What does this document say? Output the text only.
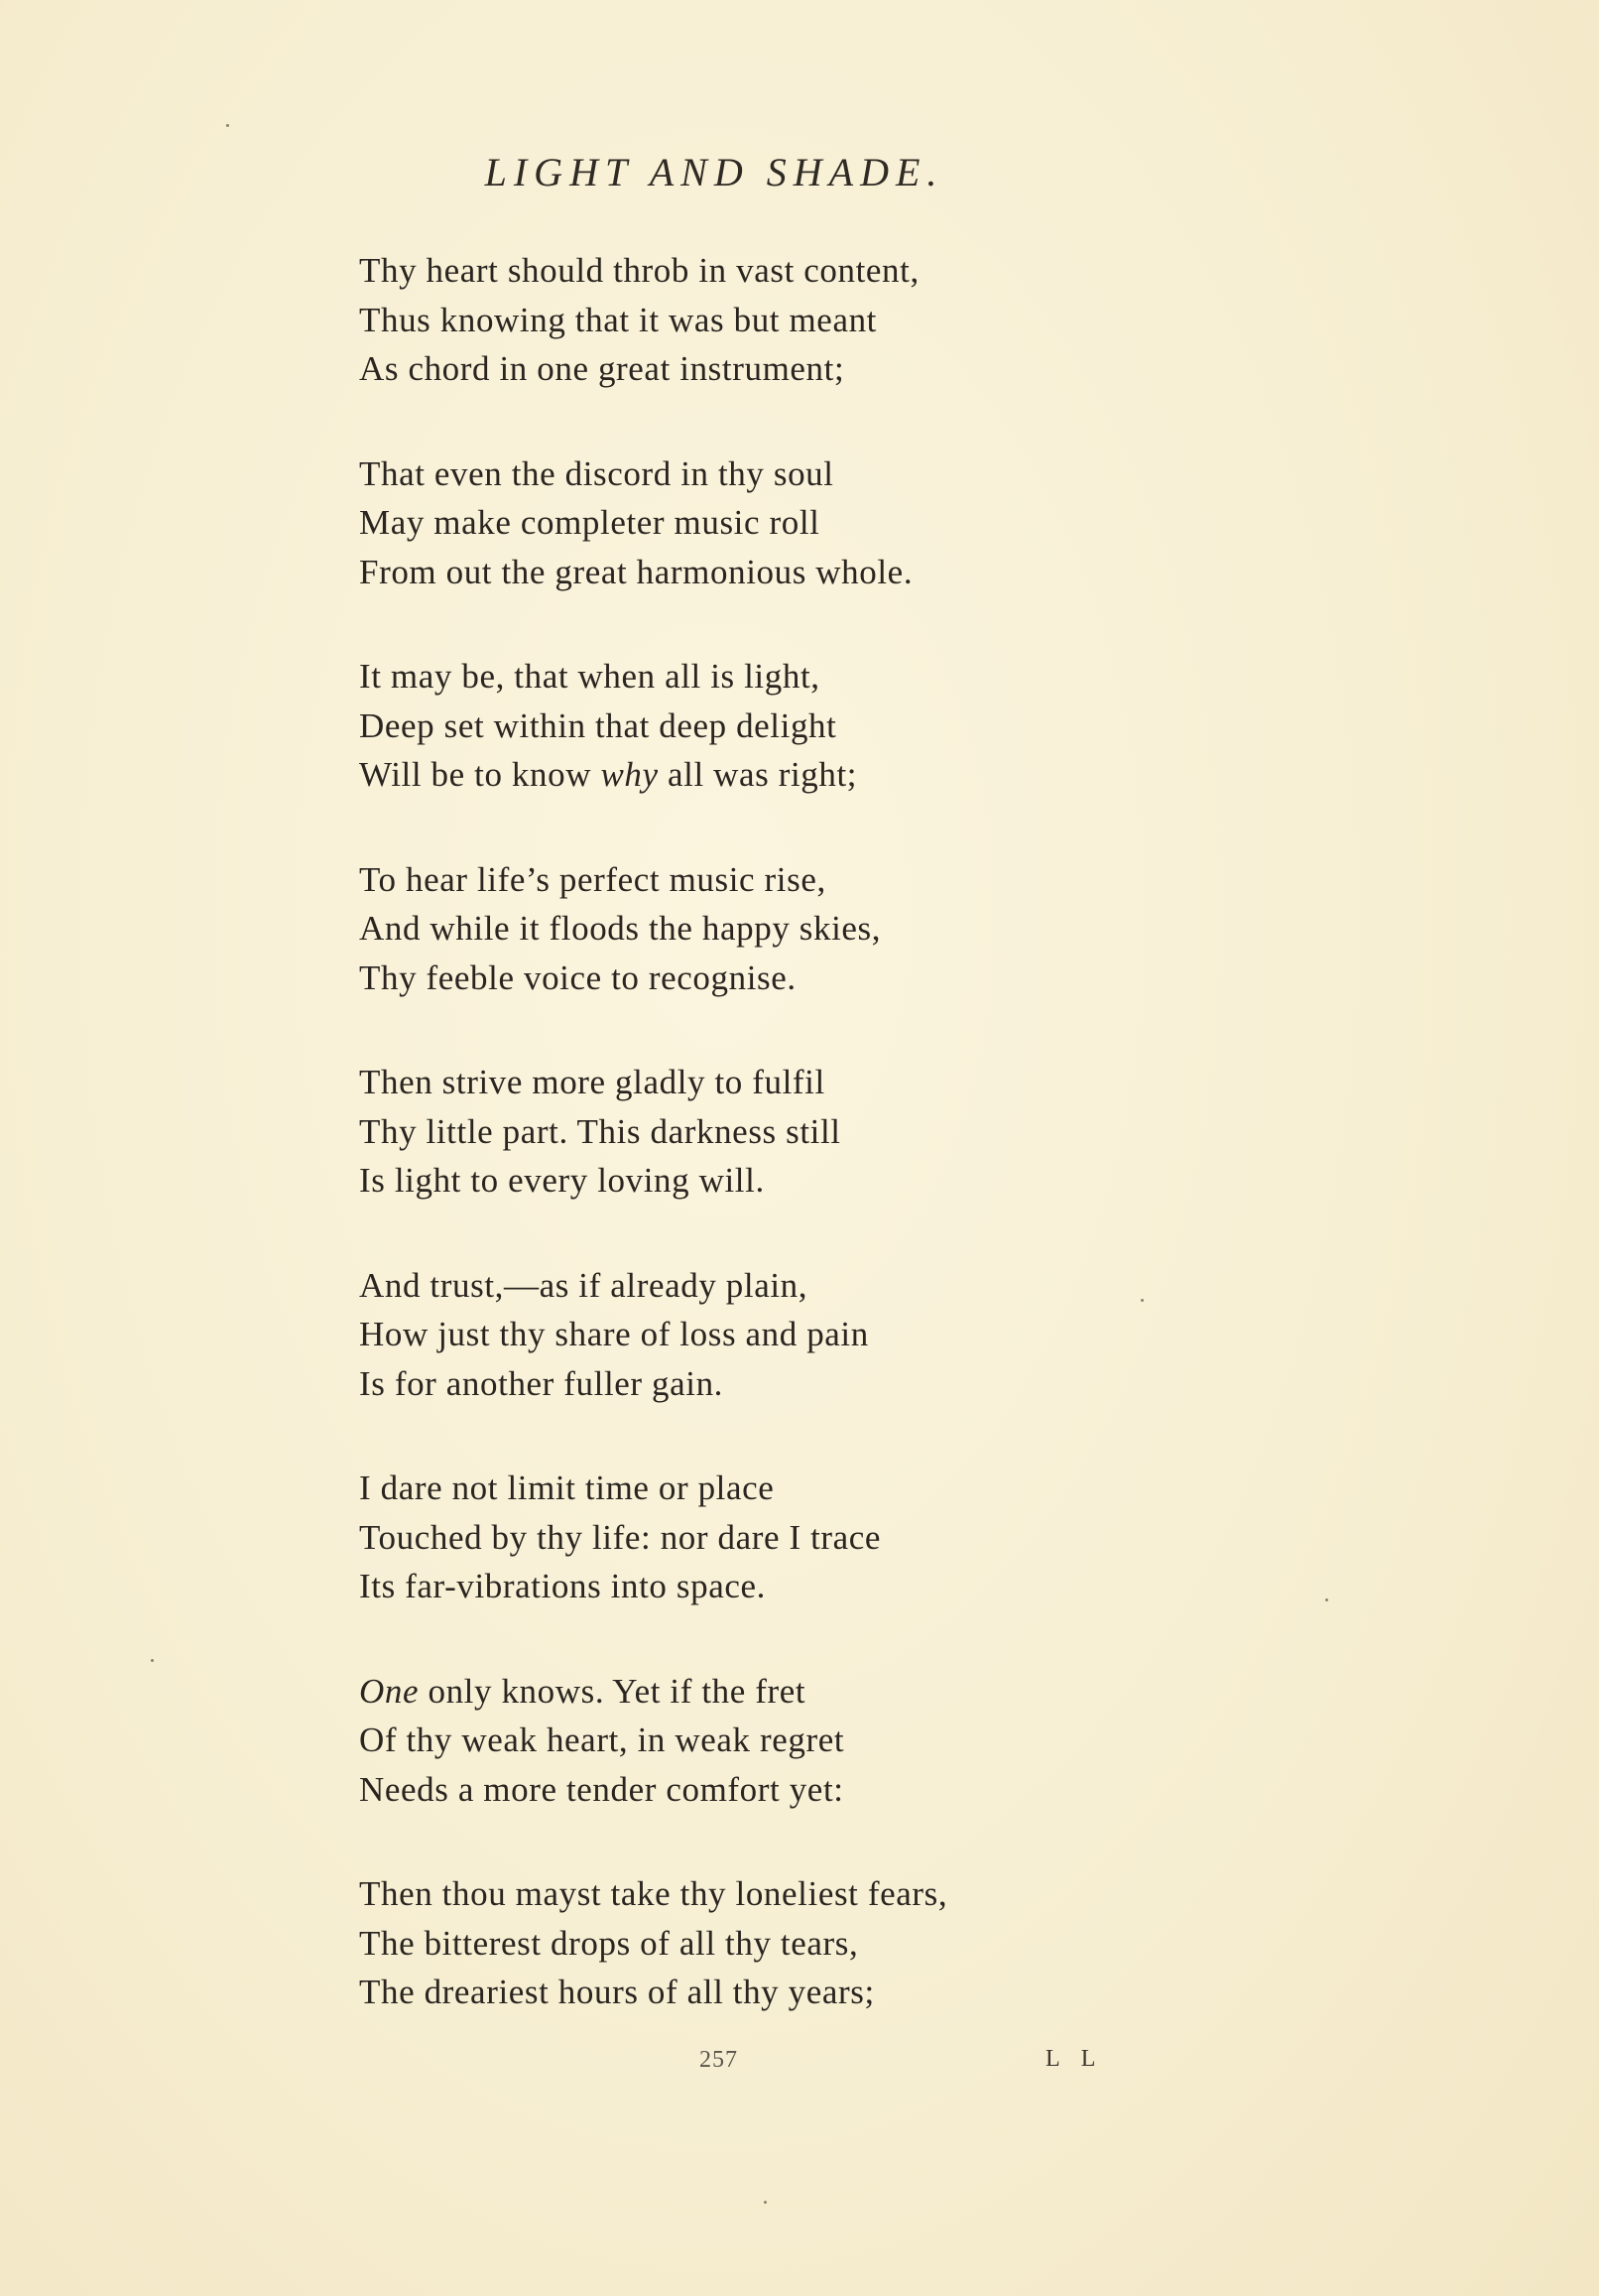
LIGHT AND SHADE.
Thy heart should throb in vast content,
Thus knowing that it was but meant
As chord in one great instrument;
That even the discord in thy soul
May make completer music roll
From out the great harmonious whole.
It may be, that when all is light,
Deep set within that deep delight
Will be to know why all was right;
To hear life’s perfect music rise,
And while it floods the happy skies,
Thy feeble voice to recognise.
Then strive more gladly to fulfil
Thy little part. This darkness still
Is light to every loving will.
And trust,—as if already plain,
How just thy share of loss and pain
Is for another fuller gain.
I dare not limit time or place
Touched by thy life: nor dare I trace
Its far-vibrations into space.
One only knows. Yet if the fret
Of thy weak heart, in weak regret
Needs a more tender comfort yet:
Then thou mayst take thy loneliest fears,
The bitterest drops of all thy tears,
The dreariest hours of all thy years;
257	L L
